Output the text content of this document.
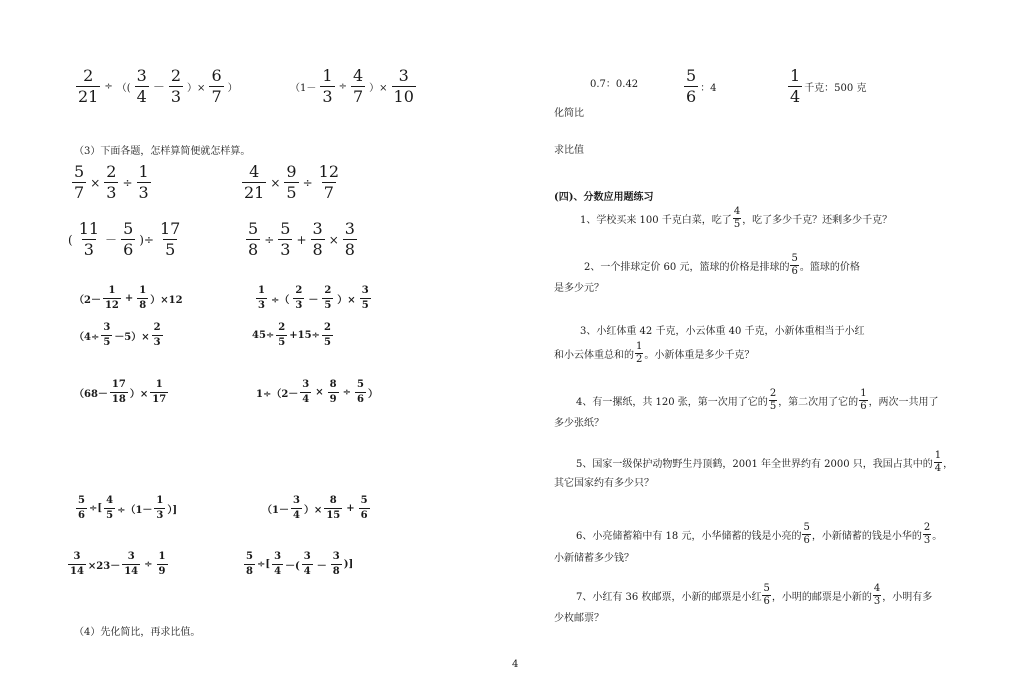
$\frac{2}{21}$ ÷ （( $\frac{3}{4} - \frac{2}{3}$ ）× $\frac{6}{7}$ ）	（$1- \frac{1}{3} \div \frac{4}{7}$ ）× $\frac{3}{10}$
（3）下面各题，怎样算简便就怎样算。
$\frac{5}{7} \times \frac{2}{3} \div \frac{1}{3}$	$\frac{4}{21} \times \frac{9}{5} \div \frac{12}{7}$
( $\frac{11}{3} - \frac{5}{6}$ )÷ $\frac{17}{5}$	$\frac{5}{8} \div \frac{5}{3} + \frac{3}{8} \times \frac{3}{8}$
$(2- \frac{1}{12} + \frac{1}{8} )\times 12$	$\frac{1}{3}$ ÷（ $\frac{2}{3} - \frac{2}{5}$ ）× $\frac{3}{5}$
$(4\div \frac{3}{5} -5)\times \frac{2}{3}$	$45\div \frac{2}{5} +15\div \frac{2}{5}$
（$68- \frac{17}{18}$ ）× $\frac{1}{17}$	$1\div(2- \frac{3}{4} \times \frac{8}{9} \div \frac{5}{6}$ ）
$\frac{5}{6}$ ÷[ $\frac{4}{5} \div(1- \frac{1}{3}$ ）]	（$1- \frac{3}{4}$ ）× $\frac{8}{15} + \frac{5}{6}$
$\frac{3}{14} \times 23- \frac{3}{14} \div \frac{1}{9}$	$\frac{5}{8}$ ÷[ $\frac{3}{4}$ －( $\frac{3}{4} - \frac{3}{8}$ )]
（4）先化简比，再求比值。
0.7：0.42	$\frac{5}{6}$ ：4	$\frac{1}{4}$ 千克：500 克
化简比
求比值
(四)、分数应用题练习
1、学校买来 100 千克白菜，吃了
4
5 ，吃了多少千克？还剩多少千克？
2、一个排球定价 60 元，篮球的价格是排球的
5
6 。篮球的价格
是多少元？
3、小红体重 42 千克，小云体重 40 千克，小新体重相当于小红
和小云体重总和的
1
2 。小新体重是多少千克？
4、有一摞纸，共 120 张，第一次用了它的
2
5 ，第二次用了它的
1
6 ，两次一共用了
多少张纸？
5、国家一级保护动物野生丹顶鹤，2001 年全世界约有 2000 只，我国占其中的
1
4 ，
其它国家约有多少只？
6、小亮储蓄箱中有 18 元，小华储蓄的钱是小亮的
5
6 ，小新储蓄的钱是小华的
2
3 。
小新储蓄多少钱？
7、小红有 36 枚邮票，小新的邮票是小红
5
6 ，小明的邮票是小新的
4
3 ，小明有多
少枚邮票？
4
